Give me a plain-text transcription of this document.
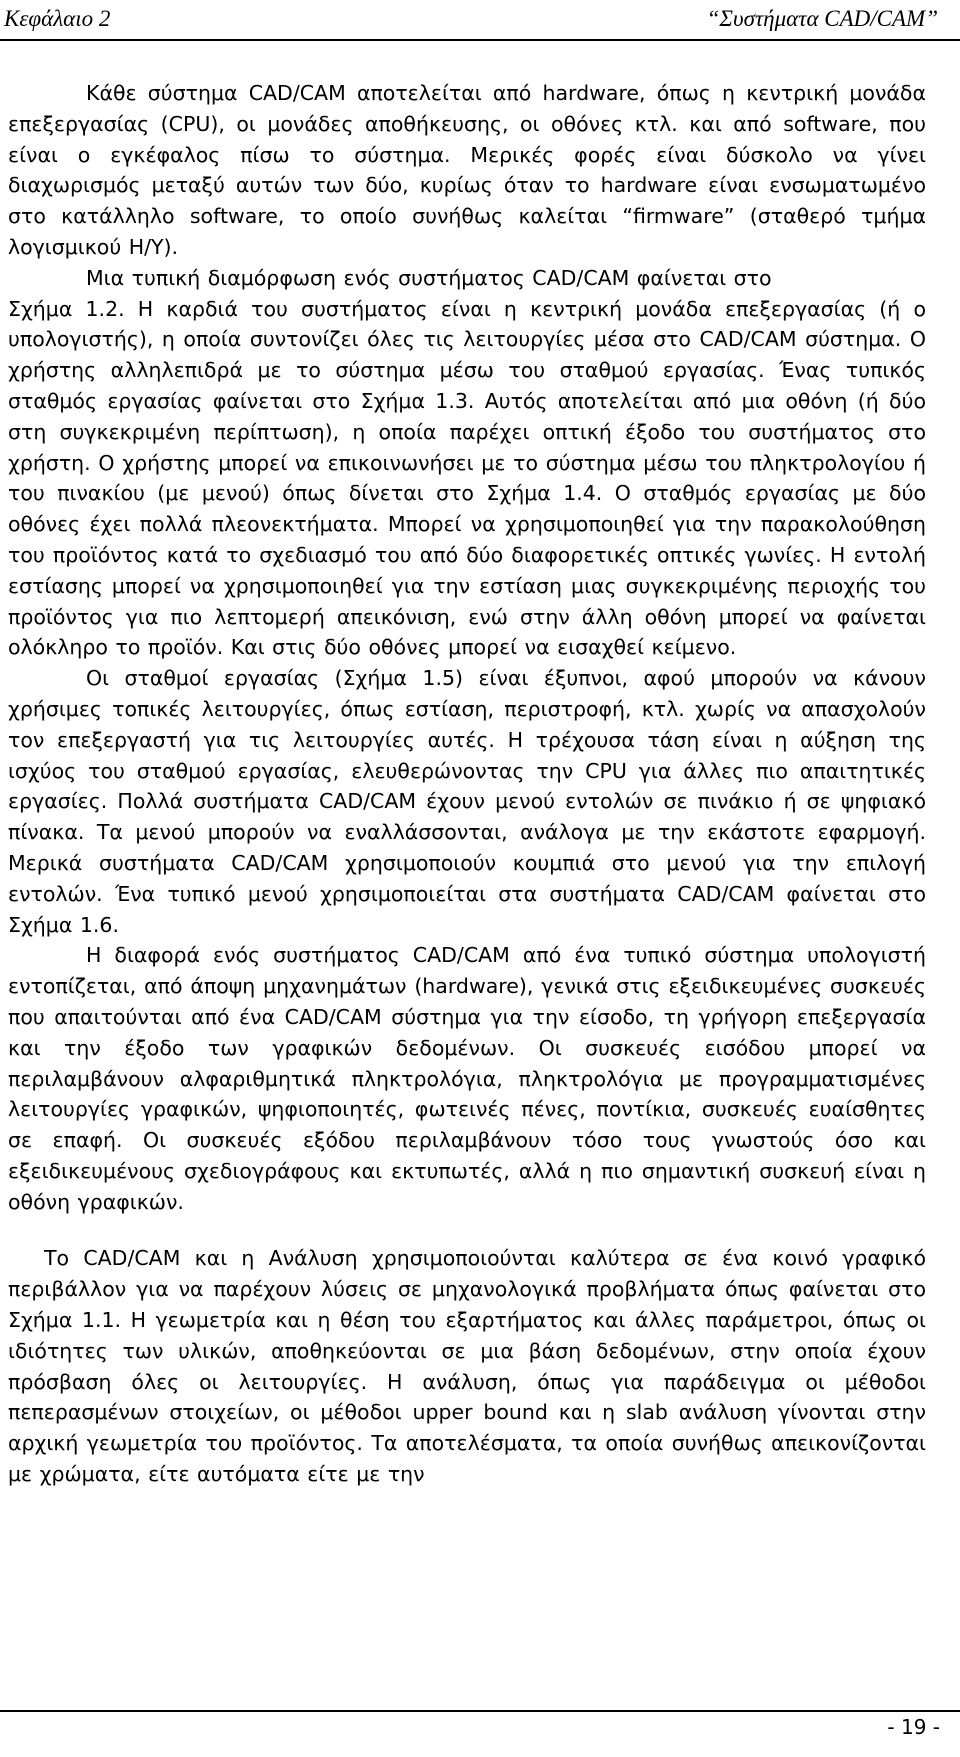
Κεφάλαιο 2	“Συστήματα CAD/CAM”

Κάθε σύστημα CAD/CAM αποτελείται από hardware, όπως η κεντρική μονάδα επεξεργασίας (CPU), οι μονάδες αποθήκευσης, οι οθόνες κτλ. και από software, που είναι ο εγκέφαλος πίσω το σύστημα. Μερικές φορές είναι δύσκολο να γίνει διαχωρισμός μεταξύ αυτών των δύο, κυρίως όταν το hardware είναι ενσωματωμένο στο κατάλληλο software, το οποίο συνήθως καλείται “firmware” (σταθερό τμήμα λογισμικού Η/Υ).

Μια τυπική διαμόρφωση ενός συστήματος CAD/CAM φαίνεται στο

Σχήμα 1.2. Η καρδιά του συστήματος είναι η κεντρική μονάδα επεξεργασίας (ή ο υπολογιστής), η οποία συντονίζει όλες τις λειτουργίες μέσα στο CAD/CAM σύστημα. Ο χρήστης αλληλεπιδρά με το σύστημα μέσω του σταθμού εργασίας. Ένας τυπικός σταθμός εργασίας φαίνεται στο Σχήμα 1.3. Αυτός αποτελείται από μια οθόνη (ή δύο στη συγκεκριμένη περίπτωση), η οποία παρέχει οπτική έξοδο του συστήματος στο χρήστη. Ο χρήστης μπορεί να επικοινωνήσει με το σύστημα μέσω του πληκτρολογίου ή του πινακίου (με μενού) όπως δίνεται στο Σχήμα 1.4. Ο σταθμός εργασίας με δύο οθόνες έχει πολλά πλεονεκτήματα. Μπορεί να χρησιμοποιηθεί για την παρακολούθηση του προϊόντος κατά το σχεδιασμό του από δύο διαφορετικές οπτικές γωνίες. Η εντολή εστίασης μπορεί να χρησιμοποιηθεί για την εστίαση μιας συγκεκριμένης περιοχής του προϊόντος για πιο λεπτομερή απεικόνιση, ενώ στην άλλη οθόνη μπορεί να φαίνεται ολόκληρο το προϊόν. Και στις δύο οθόνες μπορεί να εισαχθεί κείμενο.

Οι σταθμοί εργασίας (Σχήμα 1.5) είναι έξυπνοι, αφού μπορούν να κάνουν χρήσιμες τοπικές λειτουργίες, όπως εστίαση, περιστροφή, κτλ. χωρίς να απασχολούν τον επεξεργαστή για τις λειτουργίες αυτές. Η τρέχουσα τάση είναι η αύξηση της ισχύος του σταθμού εργασίας, ελευθερώνοντας την CPU για άλλες πιο απαιτητικές εργασίες. Πολλά συστήματα CAD/CAM έχουν μενού εντολών σε πινάκιο ή σε ψηφιακό πίνακα. Τα μενού μπορούν να εναλλάσσονται, ανάλογα με την εκάστοτε εφαρμογή. Μερικά συστήματα CAD/CAM χρησιμοποιούν κουμπιά στο μενού για την επιλογή εντολών. Ένα τυπικό μενού χρησιμοποιείται στα συστήματα CAD/CAM φαίνεται στο Σχήμα 1.6.

Η διαφορά ενός συστήματος CAD/CAM από ένα τυπικό σύστημα υπολογιστή εντοπίζεται, από άποψη μηχανημάτων (hardware), γενικά στις εξειδικευμένες συσκευές που απαιτούνται από ένα CAD/CAM σύστημα για την είσοδο, τη γρήγορη επεξεργασία και την έξοδο των γραφικών δεδομένων. Οι συσκευές εισόδου μπορεί να περιλαμβάνουν αλφαριθμητικά πληκτρολόγια, πληκτρολόγια με προγραμματισμένες λειτουργίες γραφικών, ψηφιοποιητές, φωτεινές πένες, ποντίκια, συσκευές ευαίσθητες σε επαφή. Οι συσκευές εξόδου περιλαμβάνουν τόσο τους γνωστούς όσο και εξειδικευμένους σχεδιογράφους και εκτυπωτές, αλλά η πιο σημαντική συσκευή είναι η οθόνη γραφικών.

Το CAD/CAM και η Ανάλυση χρησιμοποιούνται καλύτερα σε ένα κοινό γραφικό περιβάλλον για να παρέχουν λύσεις σε μηχανολογικά προβλήματα όπως φαίνεται στο Σχήμα 1.1. Η γεωμετρία και η θέση του εξαρτήματος και άλλες παράμετροι, όπως οι ιδιότητες των υλικών, αποθηκεύονται σε μια βάση δεδομένων, στην οποία έχουν πρόσβαση όλες οι λειτουργίες. Η ανάλυση, όπως για παράδειγμα οι μέθοδοι πεπερασμένων στοιχείων, οι μέθοδοι upper bound και η slab ανάλυση γίνονται στην αρχική γεωμετρία του προϊόντος. Τα αποτελέσματα, τα οποία συνήθως απεικονίζονται με χρώματα, είτε αυτόματα είτε με την

- 19 -
